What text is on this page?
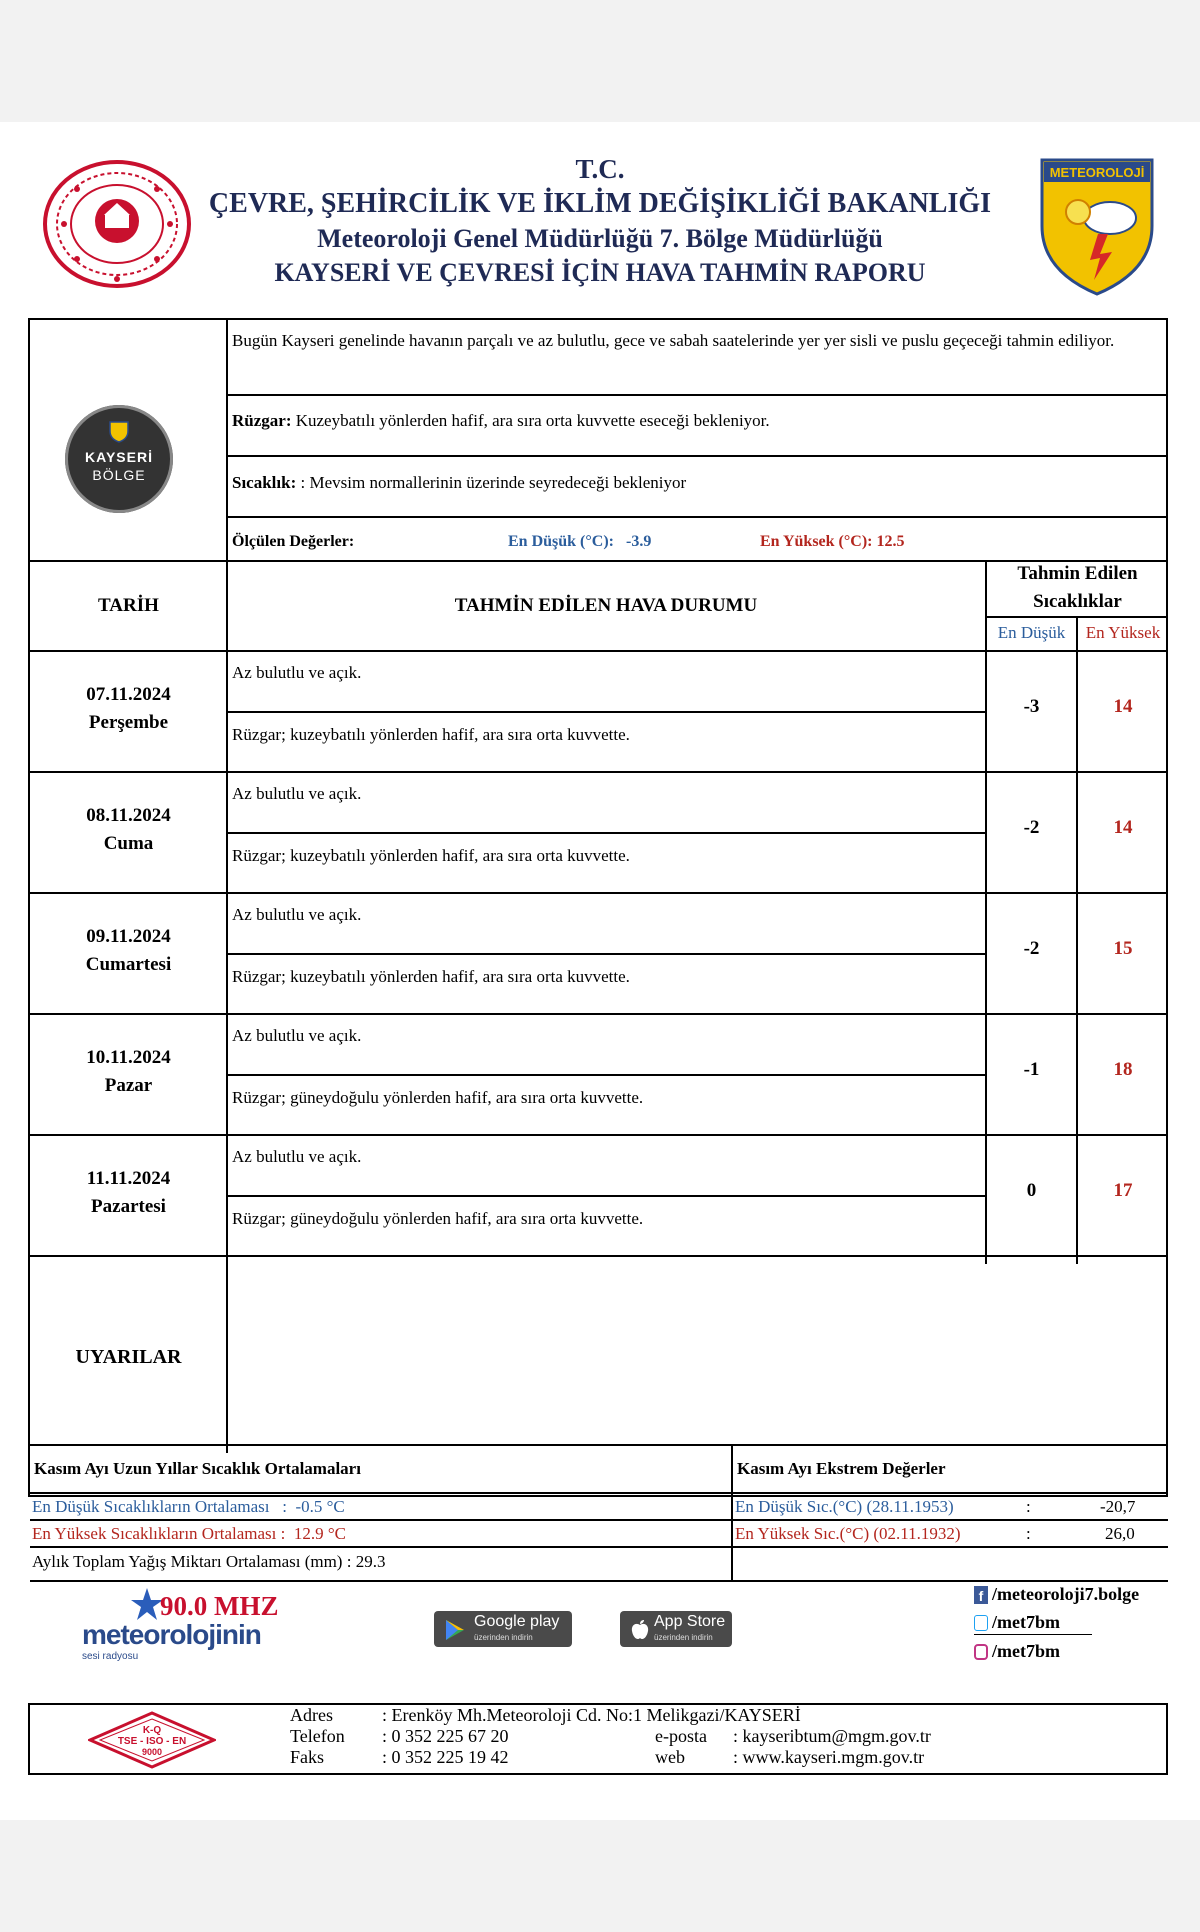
T.C.
ÇEVRE, ŞEHİRCİLİK VE İKLİM DEĞİŞİKLİĞİ BAKANLIĞI
Meteoroloji Genel Müdürlüğü 7. Bölge Müdürlüğü
KAYSERİ VE ÇEVRESİ İÇİN HAVA TAHMİN RAPORU
METEOROLOJİ
KAYSERİ
BÖLGE
Bugün Kayseri genelinde havanın parçalı ve az bulutlu, gece ve sabah saatelerinde yer yer sisli ve puslu geçeceği tahmin ediliyor.
Rüzgar: Kuzeybatılı yönlerden hafif, ara sıra orta kuvvette eseceği bekleniyor.
Sıcaklık: : Mevsim normallerinin üzerinde seyredeceği bekleniyor
Ölçülen Değerler:	En Düşük (°C):   -3.9	En Yüksek (°C): 12.5
TARİH	TAHMİN EDİLEN HAVA DURUMU
Tahmin Edilen
Sıcaklıklar
En Düşük	En Yüksek
07.11.2024
Perşembe
Az bulutlu ve açık.
Rüzgar; kuzeybatılı yönlerden hafif, ara sıra orta kuvvette.
-3	14
08.11.2024
Cuma
Az bulutlu ve açık.
Rüzgar; kuzeybatılı yönlerden hafif, ara sıra orta kuvvette.
-2	14
09.11.2024
Cumartesi
Az bulutlu ve açık.
Rüzgar; kuzeybatılı yönlerden hafif, ara sıra orta kuvvette.
-2	15
10.11.2024
Pazar
Az bulutlu ve açık.
Rüzgar; güneydoğulu yönlerden hafif, ara sıra orta kuvvette.
-1	18
11.11.2024
Pazartesi
Az bulutlu ve açık.
Rüzgar; güneydoğulu yönlerden hafif, ara sıra orta kuvvette.
0	17
UYARILAR
Kasım Ayı Uzun Yıllar Sıcaklık Ortalamaları	Kasım Ayı Ekstrem Değerler
En Düşük Sıcaklıkların Ortalaması   :  -0.5 °C	En Düşük Sıc.(°C) (28.11.1953)	:	-20,7
En Yüksek Sıcaklıkların Ortalaması :  12.9 °C	En Yüksek Sıc.(°C) (02.11.1932)	:	26,0
Aylık Toplam Yağış Miktarı Ortalaması (mm) : 29.3
90.0 MHZ
meteorolojinin
sesi radyosu
Google play
üzerinden indirin
App Store
üzerinden indirin
f /meteoroloji7.bolge
/met7bm
/met7bm
K-Q
TSE - ISO - EN
9000
Adres	: Erenköy Mh.Meteoroloji Cd. No:1 Melikgazi/KAYSERİ
Telefon : 0 352 225 67 20	e-posta : kayseribtum@mgm.gov.tr
Faks	: 0 352 225 19 42	web	: www.kayseri.mgm.gov.tr
